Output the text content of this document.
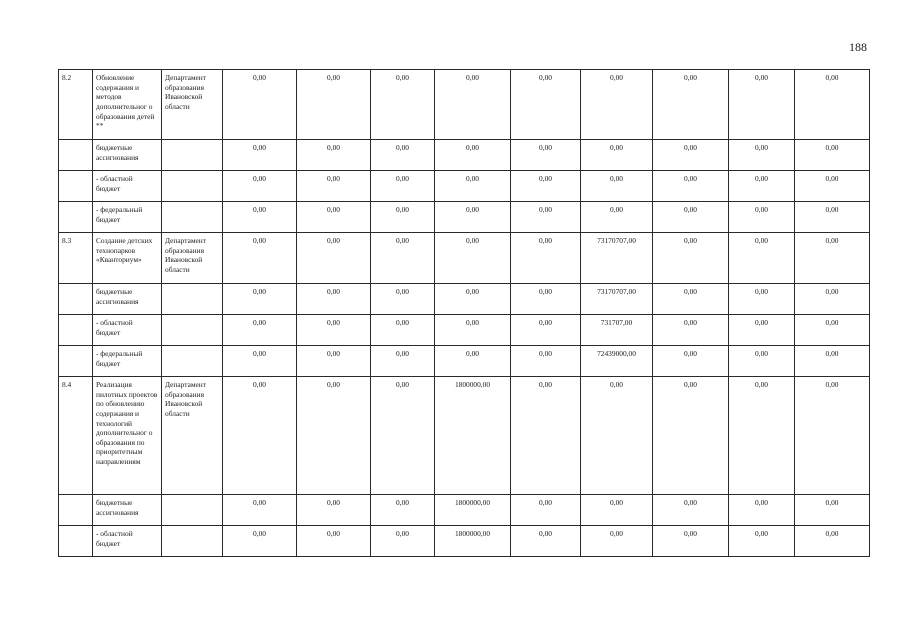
188
8.2	Обновление содержания и методов дополнительног о образования детей **	Департамент образования Ивановской области	0,00	0,00	0,00	0,00	0,00	0,00	0,00	0,00	0,00
	бюджетные ассигнования		0,00	0,00	0,00	0,00	0,00	0,00	0,00	0,00	0,00
	- областной бюджет		0,00	0,00	0,00	0,00	0,00	0,00	0,00	0,00	0,00
	- федеральный бюджет		0,00	0,00	0,00	0,00	0,00	0,00	0,00	0,00	0,00
8.3	Создание детских технопарков «Кванториум»	Департамент образования Ивановской области	0,00	0,00	0,00	0,00	0,00	73170707,00	0,00	0,00	0,00
	бюджетные ассигнования		0,00	0,00	0,00	0,00	0,00	73170707,00	0,00	0,00	0,00
	- областной бюджет		0,00	0,00	0,00	0,00	0,00	731707,00	0,00	0,00	0,00
	- федеральный бюджет		0,00	0,00	0,00	0,00	0,00	72439000,00	0,00	0,00	0,00
8.4	Реализация пилотных проектов по обновлению содержания и технологий дополнительног о образования по приоритетным направлениям	Департамент образования Ивановской области	0,00	0,00	0,00	1800000,00	0,00	0,00	0,00	0,00	0,00
	бюджетные ассигнования		0,00	0,00	0,00	1800000,00	0,00	0,00	0,00	0,00	0,00
	- областной бюджет		0,00	0,00	0,00	1800000,00	0,00	0,00	0,00	0,00	0,00
